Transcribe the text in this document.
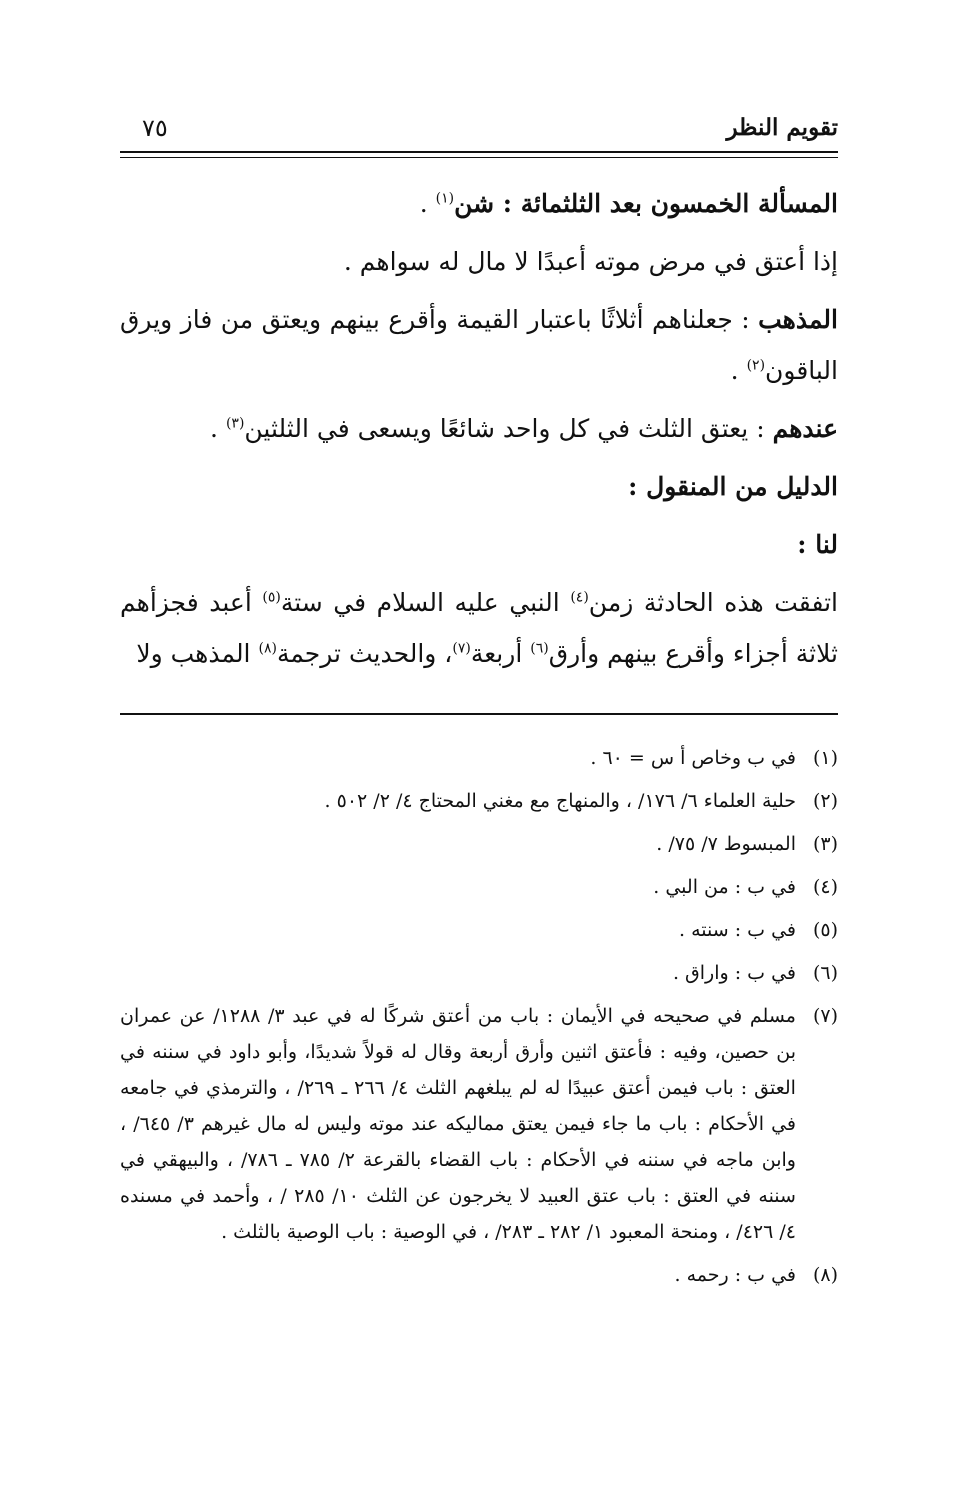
تقويم النظر
٧٥

المسألة الخمسون بعد الثلثمائة : شن$^{(١)}$ .

إذا أعتق في مرض موته أعبدًا لا مال له سواهم .

المذهب : جعلناهم أثلاثًا باعتبار القيمة وأقرع بينهم ويعتق من فاز ويرق الباقون$^{(٢)}$ .

عندهم : يعتق الثلث في كل واحد شائعًا ويسعى في الثلثين$^{(٣)}$ .

الدليل من المنقول :

لنا :

اتفقت هذه الحادثة زمن$^{(٤)}$ النبي عليه السلام في ستة$^{(٥)}$ أعبد فجزأهم ثلاثة أجزاء وأقرع بينهم وأرق$^{(٦)}$ أربعة$^{(٧)}$، والحديث ترجمة$^{(٨)}$ المذهب ولا

(١)
في ب وخاص أ س = ٦٠ .
(٢)
حلية العلماء ٦/ ١٧٦/ ، والمنهاج مع مغني المحتاج ٤/ ٢/ ٥٠٢ .
(٣)
المبسوط ٧/ ٧٥/ .
(٤)
في ب : من البي .
(٥)
في ب : سنته .
(٦)
في ب : واراق .
(٧)
مسلم في صحيحه في الأيمان : باب من أعتق شركًا له في عبد ٣/ ١٢٨٨/ عن عمران بن حصين، وفيه : فأعتق اثنين وأرق أربعة وقال له قولاً شديدًا، وأبو داود في سننه في العتق : باب فيمن أعتق عبيدًا له لم يبلغهم الثلث ٤/ ٢٦٦ ـ ٢٦٩/ ، والترمذي في جامعه في الأحكام : باب ما جاء فيمن يعتق مماليكه عند موته وليس له مال غيرهم ٣/ ٦٤٥/ ، وابن ماجه في سننه في الأحكام : باب القضاء بالقرعة ٢/ ٧٨٥ ـ ٧٨٦/ ، والبيهقي في سننه في العتق : باب عتق العبيد لا يخرجون عن الثلث ١٠/ ٢٨٥ / ، وأحمد في مسنده ٤/ ٤٢٦/ ، ومنحة المعبود ١/ ٢٨٢ ـ ٢٨٣/ ، في الوصية : باب الوصية بالثلث .
(٨)
في ب : رحمه .
